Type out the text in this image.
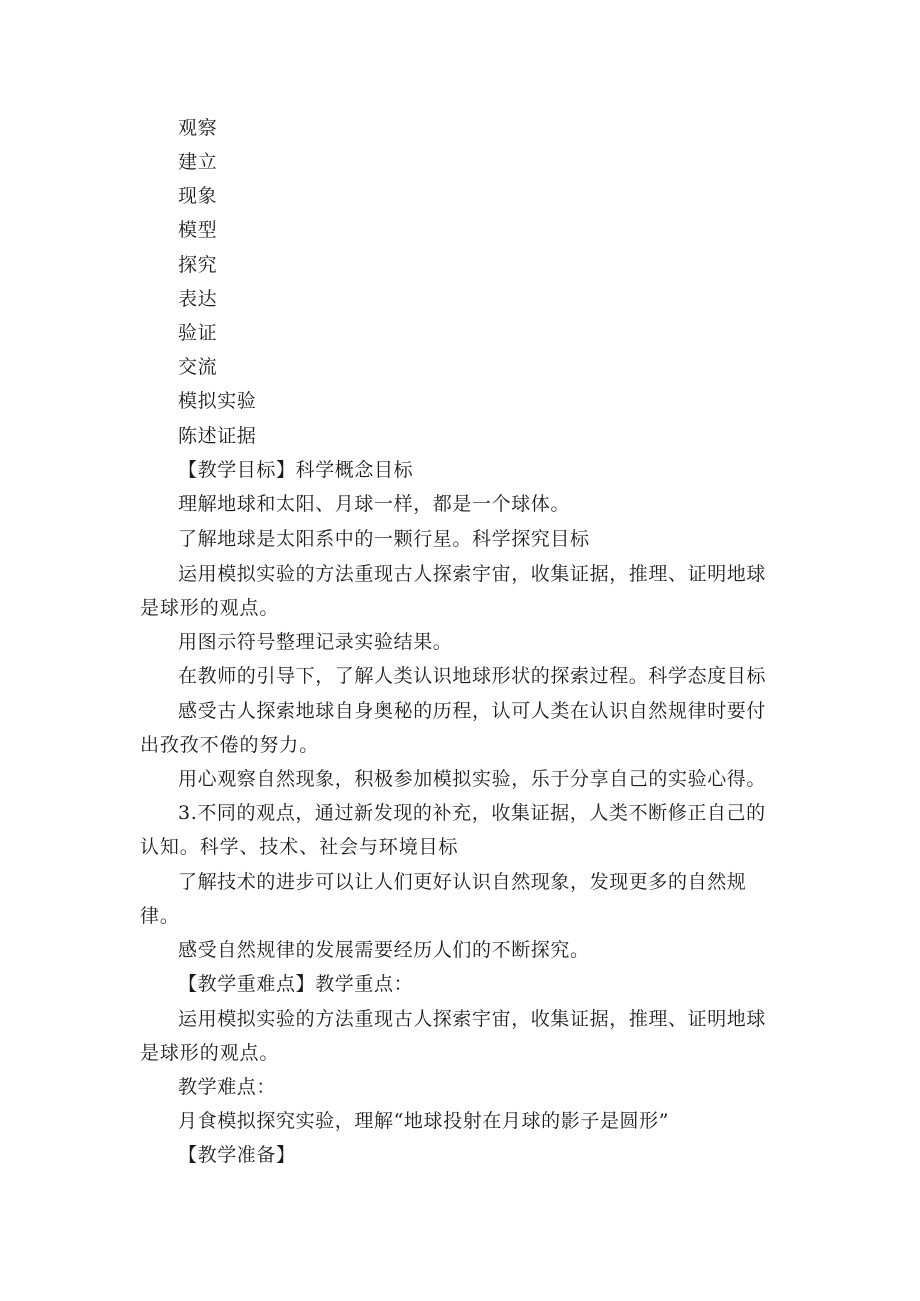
观察
建立
现象
模型
探究
表达
验证
交流
模拟实验
陈述证据
【教学目标】科学概念目标
理解地球和太阳、月球一样，都是一个球体。
了解地球是太阳系中的一颗行星。科学探究目标
运用模拟实验的方法重现古人探索宇宙，收集证据，推理、证明地球
是球形的观点。
用图示符号整理记录实验结果。
在教师的引导下，了解人类认识地球形状的探索过程。科学态度目标
感受古人探索地球自身奥秘的历程，认可人类在认识自然规律时要付
出孜孜不倦的努力。
用心观察自然现象，积极参加模拟实验，乐于分享自己的实验心得。
3.不同的观点，通过新发现的补充，收集证据，人类不断修正自己的
认知。科学、技术、社会与环境目标
了解技术的进步可以让人们更好认识自然现象，发现更多的自然规
律。
感受自然规律的发展需要经历人们的不断探究。
【教学重难点】教学重点：
运用模拟实验的方法重现古人探索宇宙，收集证据，推理、证明地球
是球形的观点。
教学难点：
月食模拟探究实验，理解“地球投射在月球的影子是圆形”
【教学准备】
